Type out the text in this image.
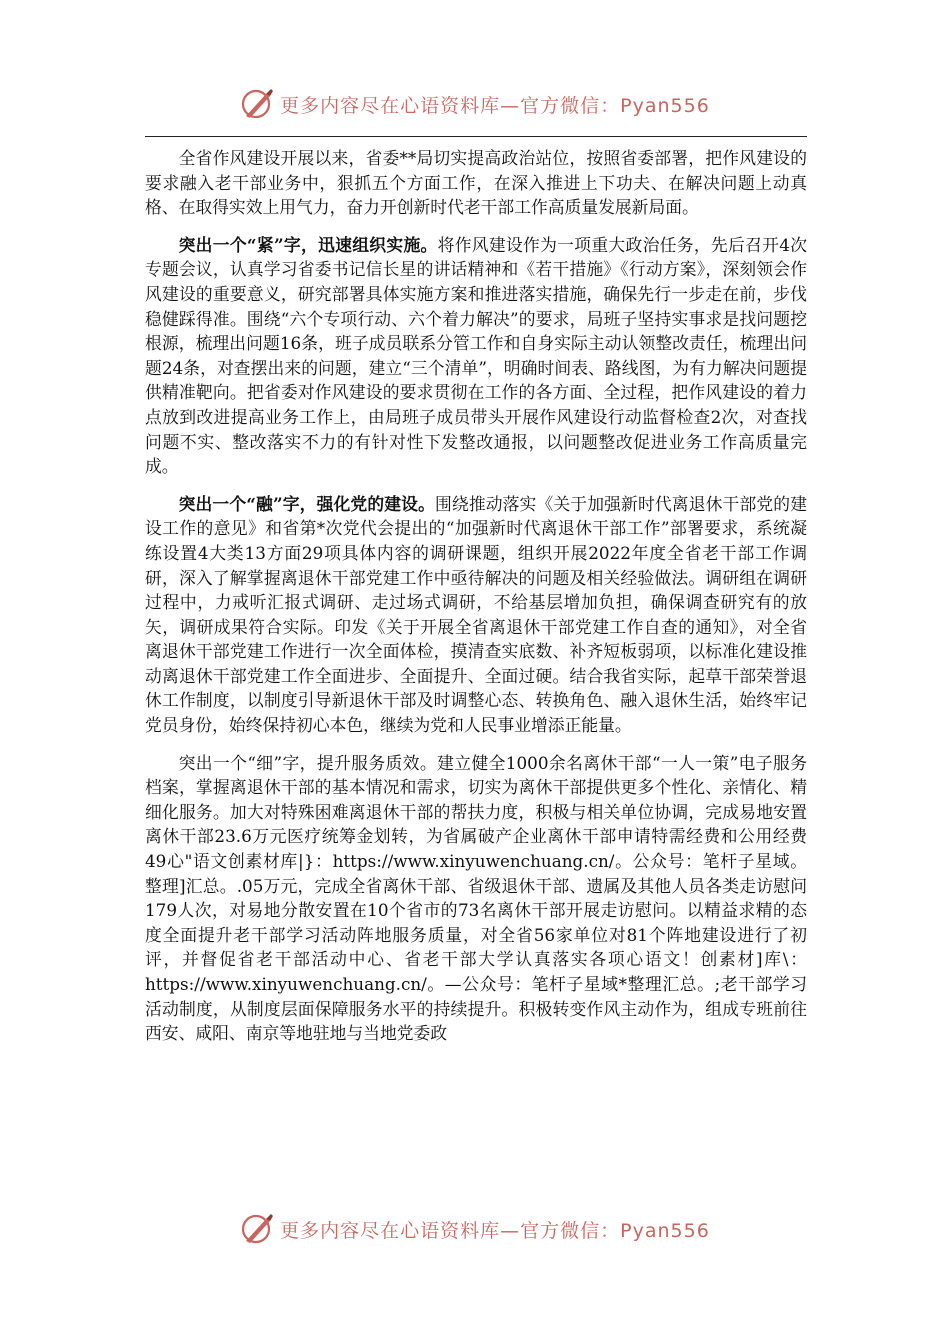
更多内容尽在心语资料库—官方微信：Pyan556

全省作风建设开展以来，省委**局切实提高政治站位，按照省委部署，把作风建设的要求融入老干部业务中，狠抓五个方面工作，在深入推进上下功夫、在解决问题上动真格、在取得实效上用气力，奋力开创新时代老干部工作高质量发展新局面。

突出一个“紧”字，迅速组织实施。将作风建设作为一项重大政治任务，先后召开4次专题会议，认真学习省委书记信长星的讲话精神和《若干措施》《行动方案》，深刻领会作风建设的重要意义，研究部署具体实施方案和推进落实措施，确保先行一步走在前，步伐稳健踩得准。围绕“六个专项行动、六个着力解决”的要求，局班子坚持实事求是找问题挖根源，梳理出问题16条，班子成员联系分管工作和自身实际主动认领整改责任，梳理出问题24条，对查摆出来的问题，建立“三个清单”，明确时间表、路线图，为有力解决问题提供精准靶向。把省委对作风建设的要求贯彻在工作的各方面、全过程，把作风建设的着力点放到改进提高业务工作上，由局班子成员带头开展作风建设行动监督检查2次，对查找问题不实、整改落实不力的有针对性下发整改通报，以问题整改促进业务工作高质量完成。

突出一个“融”字，强化党的建设。围绕推动落实《关于加强新时代离退休干部党的建设工作的意见》和省第*次党代会提出的“加强新时代离退休干部工作”部署要求，系统凝练设置4大类13方面29项具体内容的调研课题，组织开展2022年度全省老干部工作调研，深入了解掌握离退休干部党建工作中亟待解决的问题及相关经验做法。调研组在调研过程中，力戒听汇报式调研、走过场式调研，不给基层增加负担，确保调查研究有的放矢，调研成果符合实际。印发《关于开展全省离退休干部党建工作自查的通知》，对全省离退休干部党建工作进行一次全面体检，摸清查实底数、补齐短板弱项，以标准化建设推动离退休干部党建工作全面进步、全面提升、全面过硬。结合我省实际，起草干部荣誉退休工作制度，以制度引导新退休干部及时调整心态、转换角色、融入退休生活，始终牢记党员身份，始终保持初心本色，继续为党和人民事业增添正能量。

突出一个“细”字，提升服务质效。建立健全1000余名离休干部“一人一策”电子服务档案，掌握离退休干部的基本情况和需求，切实为离休干部提供更多个性化、亲情化、精细化服务。加大对特殊困难离退休干部的帮扶力度，积极与相关单位协调，完成易地安置离休干部23.6万元医疗统筹金划转，为省属破产企业离休干部申请特需经费和公用经费49心"语文创素材库|}：https://www.xinyuwenchuang.cn/。公众号：笔杆子星域。整理]汇总。.05万元，完成全省离休干部、省级退休干部、遗属及其他人员各类走访慰问179人次，对易地分散安置在10个省市的73名离休干部开展走访慰问。以精益求精的态度全面提升老干部学习活动阵地服务质量，对全省56家单位对81个阵地建设进行了初评，并督促省老干部活动中心、省老干部大学认真落实各项心语文！创素材]库\：https://www.xinyuwenchuang.cn/。—公众号：笔杆子星域*整理汇总。;老干部学习活动制度，从制度层面保障服务水平的持续提升。积极转变作风主动作为，组成专班前往西安、咸阳、南京等地驻地与当地党委政

更多内容尽在心语资料库—官方微信：Pyan556
